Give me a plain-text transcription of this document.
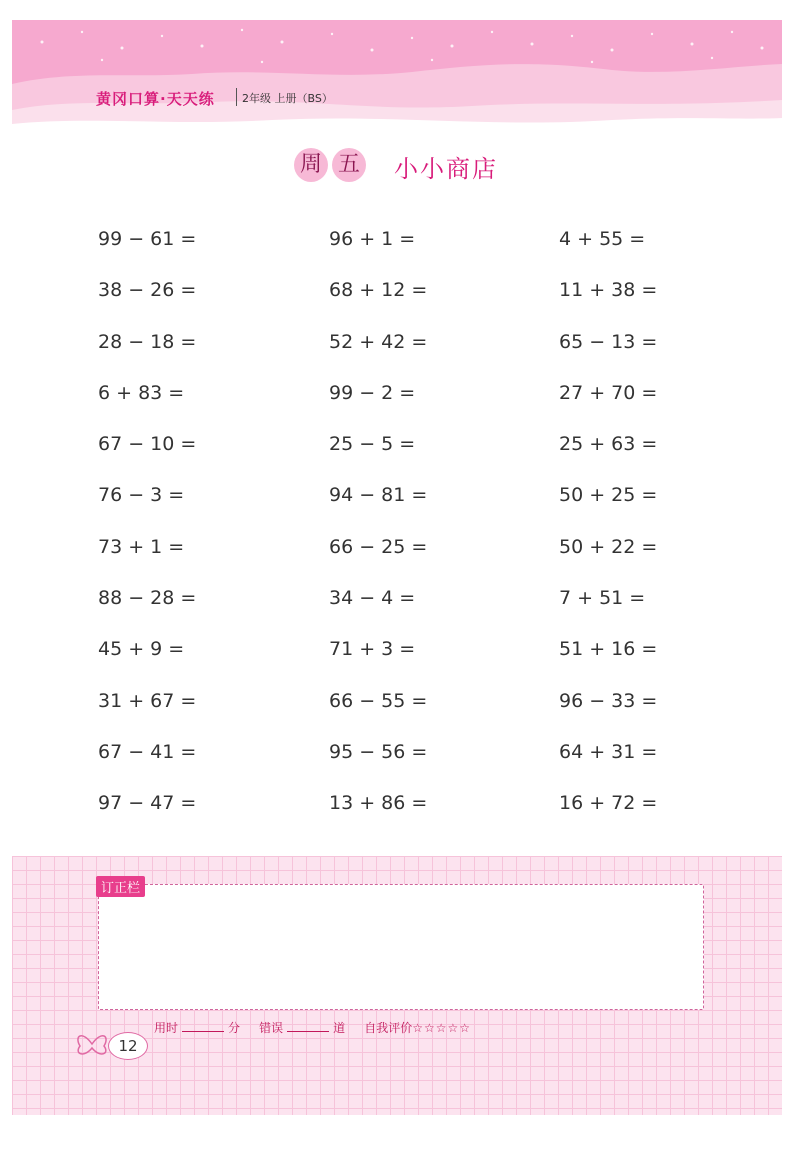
黄冈口算·天天练 2年级 上册（BS）
周 五 小小商店
99 − 61 =	96 + 1 =	4 + 55 =
38 − 26 =	68 + 12 =	11 + 38 =
28 − 18 =	52 + 42 =	65 − 13 =
6 + 83 =	99 − 2 =	27 + 70 =
67 − 10 =	25 − 5 =	25 + 63 =
76 − 3 =	94 − 81 =	50 + 25 =
73 + 1 =	66 − 25 =	50 + 22 =
88 − 28 =	34 − 4 =	7 + 51 =
45 + 9 =	71 + 3 =	51 + 16 =
31 + 67 =	66 − 55 =	96 − 33 =
67 − 41 =	95 − 56 =	64 + 31 =
97 − 47 =	13 + 86 =	16 + 72 =
订正栏
12
用时	分 错误	道 自我评价☆☆☆☆☆
